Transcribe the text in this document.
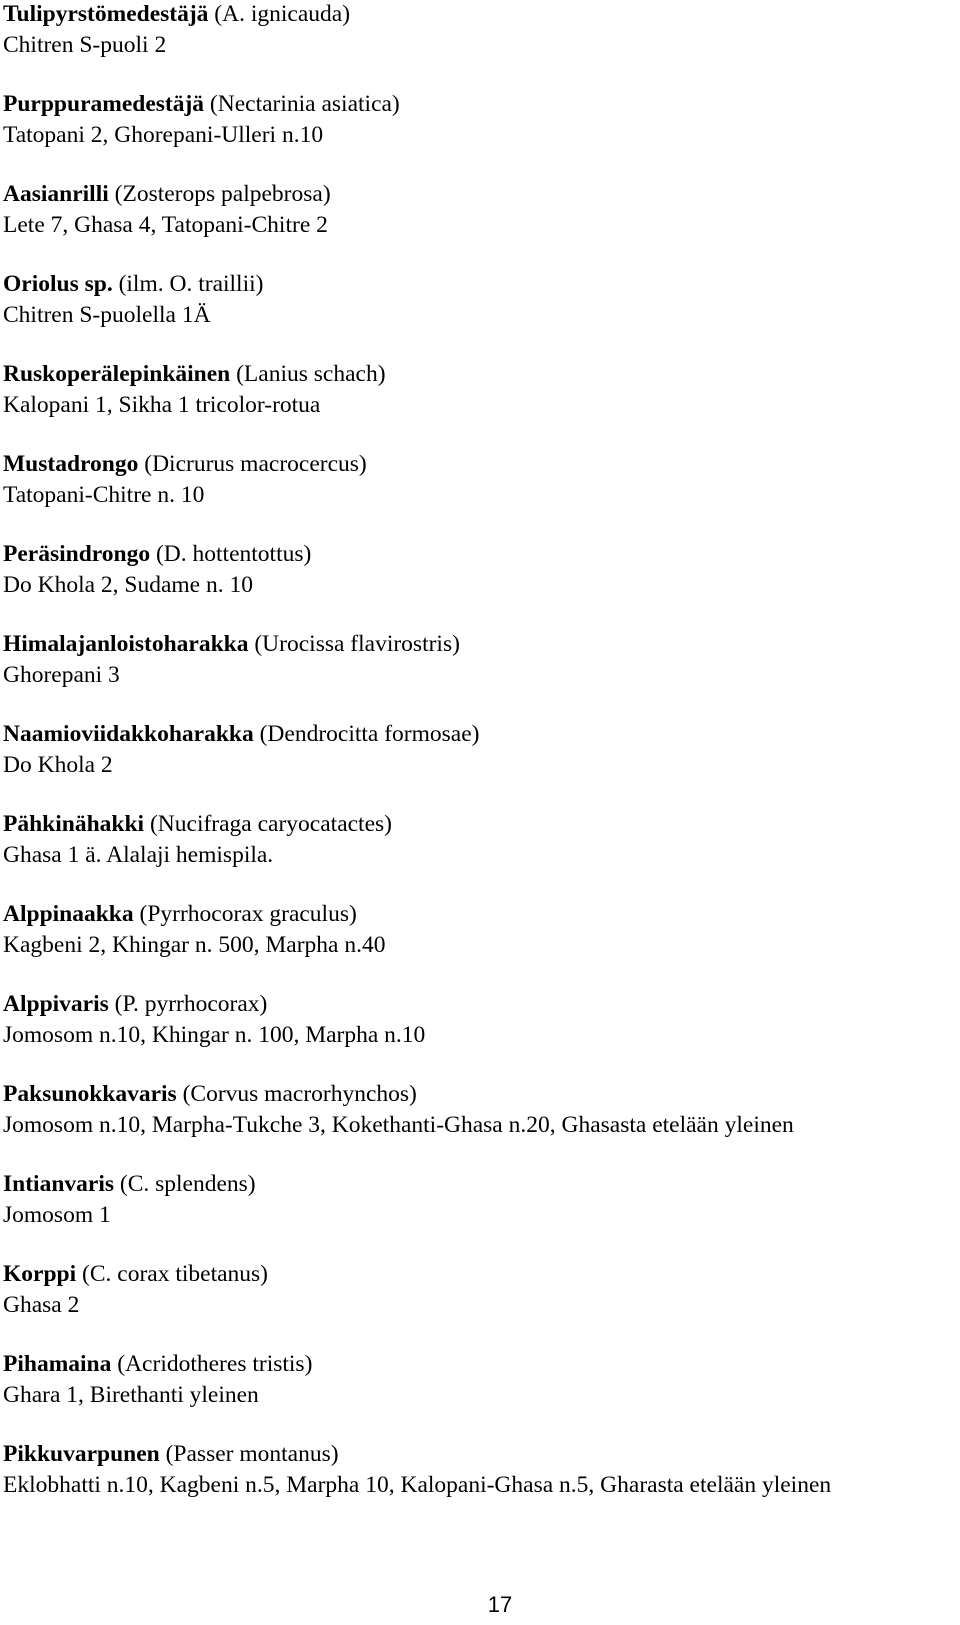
Tulipyrstömedestäjä (A. ignicauda)
Chitren S-puoli 2
Purppuramedestäjä (Nectarinia asiatica)
Tatopani 2, Ghorepani-Ulleri n.10
Aasianrilli (Zosterops palpebrosa)
Lete 7, Ghasa 4, Tatopani-Chitre 2
Oriolus sp. (ilm. O. traillii)
Chitren S-puolella 1Ä
Ruskoperälepinkäinen (Lanius schach)
Kalopani 1, Sikha 1 tricolor-rotua
Mustadrongo (Dicrurus macrocercus)
Tatopani-Chitre n. 10
Peräsindrongo (D. hottentottus)
Do Khola 2, Sudame n. 10
Himalajanloistoharakka (Urocissa flavirostris)
Ghorepani 3
Naamioviidakkoharakka (Dendrocitta formosae)
Do Khola 2
Pähkinähakki (Nucifraga caryocatactes)
Ghasa 1 ä. Alalaji hemispila.
Alppinaakka (Pyrrhocorax graculus)
Kagbeni 2, Khingar n. 500, Marpha n.40
Alppivaris (P. pyrrhocorax)
Jomosom n.10, Khingar n. 100, Marpha n.10
Paksunokkavaris (Corvus macrorhynchos)
Jomosom n.10, Marpha-Tukche 3, Kokethanti-Ghasa n.20, Ghasasta etelään yleinen
Intianvaris (C. splendens)
Jomosom 1
Korppi (C. corax tibetanus)
Ghasa 2
Pihamaina (Acridotheres tristis)
Ghara 1, Birethanti yleinen
Pikkuvarpunen (Passer montanus)
Eklobhatti n.10, Kagbeni n.5, Marpha 10, Kalopani-Ghasa n.5, Gharasta etelään yleinen
17
